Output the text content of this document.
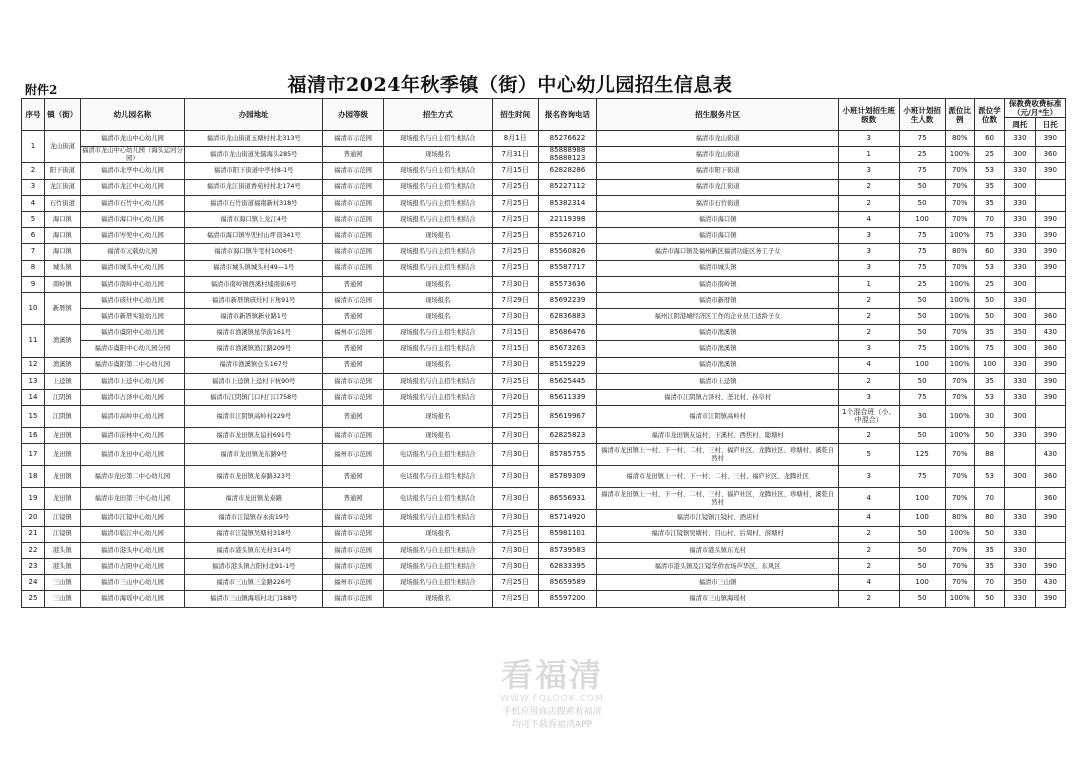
附件2	福清市2024年秋季镇（街）中心幼儿园招生信息表
序号	镇（街）	幼儿园名称	办园地址	办园等级	招生方式	招生时间	报名咨询电话	招生服务片区	小班计划招生班级数	小班计划招生人数	派位比例	派位学位数	保教费收费标准（元/月*生）	
													周托	日托
1	龙山街道	福清市龙山中心幼儿园	福清市龙山街道玉塘村村北313号	福清市示范园	现场报名与自主招生相结合	8月1日	85276622	福清市龙山街道	3	75	80%	60	330	390
		福清市龙山中心幼儿园（海头运河分园）	福清市龙山街道先儒海头285号	普通园	现场报名	7月31日	85888988 85888123	福清市龙山街道	1	25	100%	25	300	360
2	阳下街道	福清市北亭中心幼儿园	福清市阳下街道中亭村8-1号	福清市示范园	现场报名与自主招生相结合	7月15日	62828286	福清市阳下街道	3	75	70%	53	330	390
3	龙江街道	福清市龙江中心幼儿园	福清市龙江街道香苑村村北174号	福清市示范园	现场报名与自主招生相结合	7月25日	85227112	福清市龙江街道	2	50	70%	35	300	
4	石竹街道	福清市石竹中心幼儿园	福清市石竹街道福南新村318号	福清市示范园	现场报名与自主招生相结合	7月25日	85382314	福清市石竹街道	2	50	70%	35	330	
5	海口镇	福清市海口中心幼儿园	福清市海口镇上龙江4号	福清市示范园	现场报名与自主招生相结合	7月25日	22119398	福清市海口镇	4	100	70%	70	330	390
6	海口镇	福清市岑兜中心幼儿园	福清市海口镇岑兜村山坪顶341号	福清市示范园	现场报名	7月25日	85526710	福清市海口镇	3	75	100%	75	330	390
7	海口镇	福清市元载幼儿园	福清市海口镇牛宅村1006号	福清市示范园	现场报名与自主招生相结合	7月25日	85560826	福清市海口镇及福州新区福清功能区务工子女	3	75	80%	60	330	390
8	城头镇	福清市城头中心幼儿园	福清市城头镇城头村49—1号	福清市示范园	现场报名与自主招生相结合	7月25日	85587717	福清市城头镇	3	75	70%	53	330	390
9	南岭镇	福清市南岭中心幼儿园	福清市南岭镇西溪村埔南街6号	普通园	现场报名	7月30日	85573636	福清市南岭镇	1	25	100%	25	300	
10	新厝镇	福清市硋灶中心幼儿园	福清市新厝镇硋灶村下角91号	福清市示范园	现场报名	7月29日	85692239	福清市新厝镇	2	50	100%	50	330	
		福清市新厝实验幼儿园	福清市新厝镇新业路1号	普通园	现场报名	7月30日	62836883	福州江阴港城经济区工作的企业员工适龄子女	2	50	100%	50	300	360
11	渔溪镇	福清市虞阳中心幼儿园	福清市渔溪镇星华街161号	福州市示范园	现场报名与自主招生相结合	7月15日	85686476	福清市渔溪镇	2	50	70%	35	350	430
		福清市虞阳中心幼儿园分园	福清市渔溪镇渔江路209号	普通园	现场报名与自主招生相结合	7月15日	85673263	福清市渔溪镇	3	75	100%	75	300	360
12	渔溪镇	福清市虞阳第二中心幼儿园	福清市渔溪镇仓头167号	普通园	现场报名	7月30日	85159229	福清市渔溪镇	4	100	100%	100	330	390
13	上迳镇	福清市上迳中心幼儿园	福清市上迳镇上迳村下杭90号	福清市示范园	现场报名与自主招生相结合	7月25日	85625445	福清市上迳镇	2	50	70%	35	330	390
14	江阴镇	福清市占泽中心幼儿园	福清市江阴镇门口村门口758号	福清市示范园	现场报名与自主招生相结合	7月20日	85611339	福清市江阴镇占泽村、垄北村、孙阜村	3	75	70%	53	330	390
15	江阴镇	福清市高岭中心幼儿园	福清市江阴镇高岭村229号	普通园	现场报名	7月25日	85619967	福清市江阴镇高岭村	1个混合班（小、中混合）	30	100%	30	300	
16	龙田镇	福清市前林中心幼儿园	福清市龙田镇友谊村691号	福清市示范园	现场报名	7月30日	62825823	福清市龙田镇友谊村、下溪村、西焦村、聪塘村	2	50	100%	50	330	390
17	龙田镇	福清市龙田中心幼儿园	福清市龙田镇龙东路9号	福州市示范园	电话报名与自主招生相结合	7月30日	85785755	福清市龙田镇上一村、下一村、二村、三村、福庐社区、龙腾社区、珍塘村、溪乾自然村	5	125	70%	88		430
18	龙田镇	福清市龙田第二中心幼儿园	福清市龙田镇龙泰路323号	普通园	电话报名与自主招生相结合	7月30日	85789309	福清市龙田镇上一村、下一村、二村、三村、福庐社区、龙腾社区	3	75	70%	53	300	360
19	龙田镇	福清市龙田第三中心幼儿园	福清市龙田镇龙泰路	普通园	电话报名与自主招生相结合	7月30日	86556931	福清市龙田镇上一村、下一村、二村、三村、福庐社区、龙腾社区、珍塘村、溪乾自然村	4	100	70%	70		360
20	江镜镇	福清市江镜中心幼儿园	福清市江镜镇春永街19号	福清市示范园	现场报名与自主招生相结合	7月30日	85714920	福清市江镜镇江镜村、酒店村	4	100	80%	80	330	390
21	江镜镇	福清市临江中心幼儿园	福清市江镜镇吴塘村318号	福清市示范园	现场报名	7月25日	85981101	福清市江镜镇吴塘村、目山村、后周村、薛塘村	2	50	100%	50	330	
22	港头镇	福清市港头中心幼儿园	福清市港头镇东光村314号	福清市示范园	现场报名与自主招生相结合	7月30日	85739583	福清市港头镇东光村	2	50	70%	35	330	
23	港头镇	福清市占阳中心幼儿园	福清市港头镇占阳村北91-1号	福清市示范园	现场报名与自主招生相结合	7月30日	62833395	福清市港头镇及江镜华侨农场芦华区、东风区	2	50	70%	35	330	390
24	三山镇	福清市三山中心幼儿园	福清市三山镇三金路226号	福州市示范园	现场报名与自主招生相结合	7月25日	85659589	福清市三山镇	4	100	70%	70	350	430
25	三山镇	福清市海瑶中心幼儿园	福清市三山镇海瑶村北门188号	福清市示范园	现场报名	7月25日	85597200	福清市三山镇海瑶村	2	50	100%	50	330	390
看福清
WWW.FQLOOK.COM
手机应用商店搜索看福清
均可下载看福清APP
